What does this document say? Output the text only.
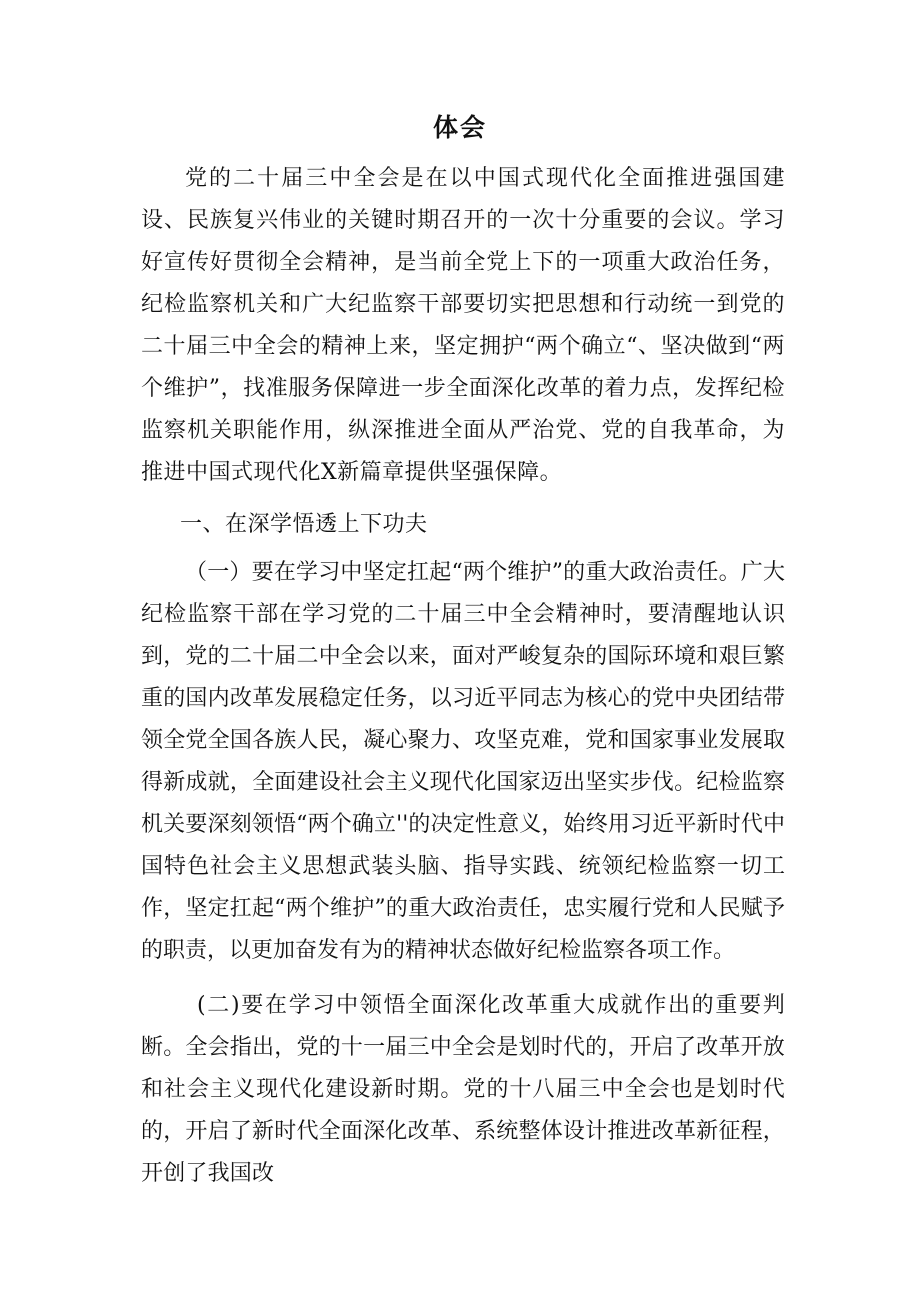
体会

党的二十届三中全会是在以中国式现代化全面推进强国建设、民族复兴伟业的关键时期召开的一次十分重要的会议。学习好宣传好贯彻全会精神，是当前全党上下的一项重大政治任务，纪检监察机关和广大纪监察干部要切实把思想和行动统一到党的二十届三中全会的精神上来，坚定拥护“两个确立“、坚决做到“两个维护”，找准服务保障进一步全面深化改革的着力点，发挥纪检监察机关职能作用，纵深推进全面从严治党、党的自我革命，为推进中国式现代化X新篇章提供坚强保障。

一、在深学悟透上下功夫

（一）要在学习中坚定扛起“两个维护”的重大政治责任。广大纪检监察干部在学习党的二十届三中全会精神时，要清醒地认识到，党的二十届二中全会以来，面对严峻复杂的国际环境和艰巨繁重的国内改革发展稳定任务，以习近平同志为核心的党中央团结带领全党全国各族人民，凝心聚力、攻坚克难，党和国家事业发展取得新成就，全面建设社会主义现代化国家迈出坚实步伐。纪检监察机关要深刻领悟“两个确立''的决定性意义，始终用习近平新时代中国特色社会主义思想武装头脑、指导实践、统领纪检监察一切工作，坚定扛起“两个维护”的重大政治责任，忠实履行党和人民赋予的职责，以更加奋发有为的精神状态做好纪检监察各项工作。

(二)要在学习中领悟全面深化改革重大成就作出的重要判断。全会指出，党的十一届三中全会是划时代的，开启了改革开放和社会主义现代化建设新时期。党的十八届三中全会也是划时代的，开启了新时代全面深化改革、系统整体设计推进改革新征程，开创了我国改
